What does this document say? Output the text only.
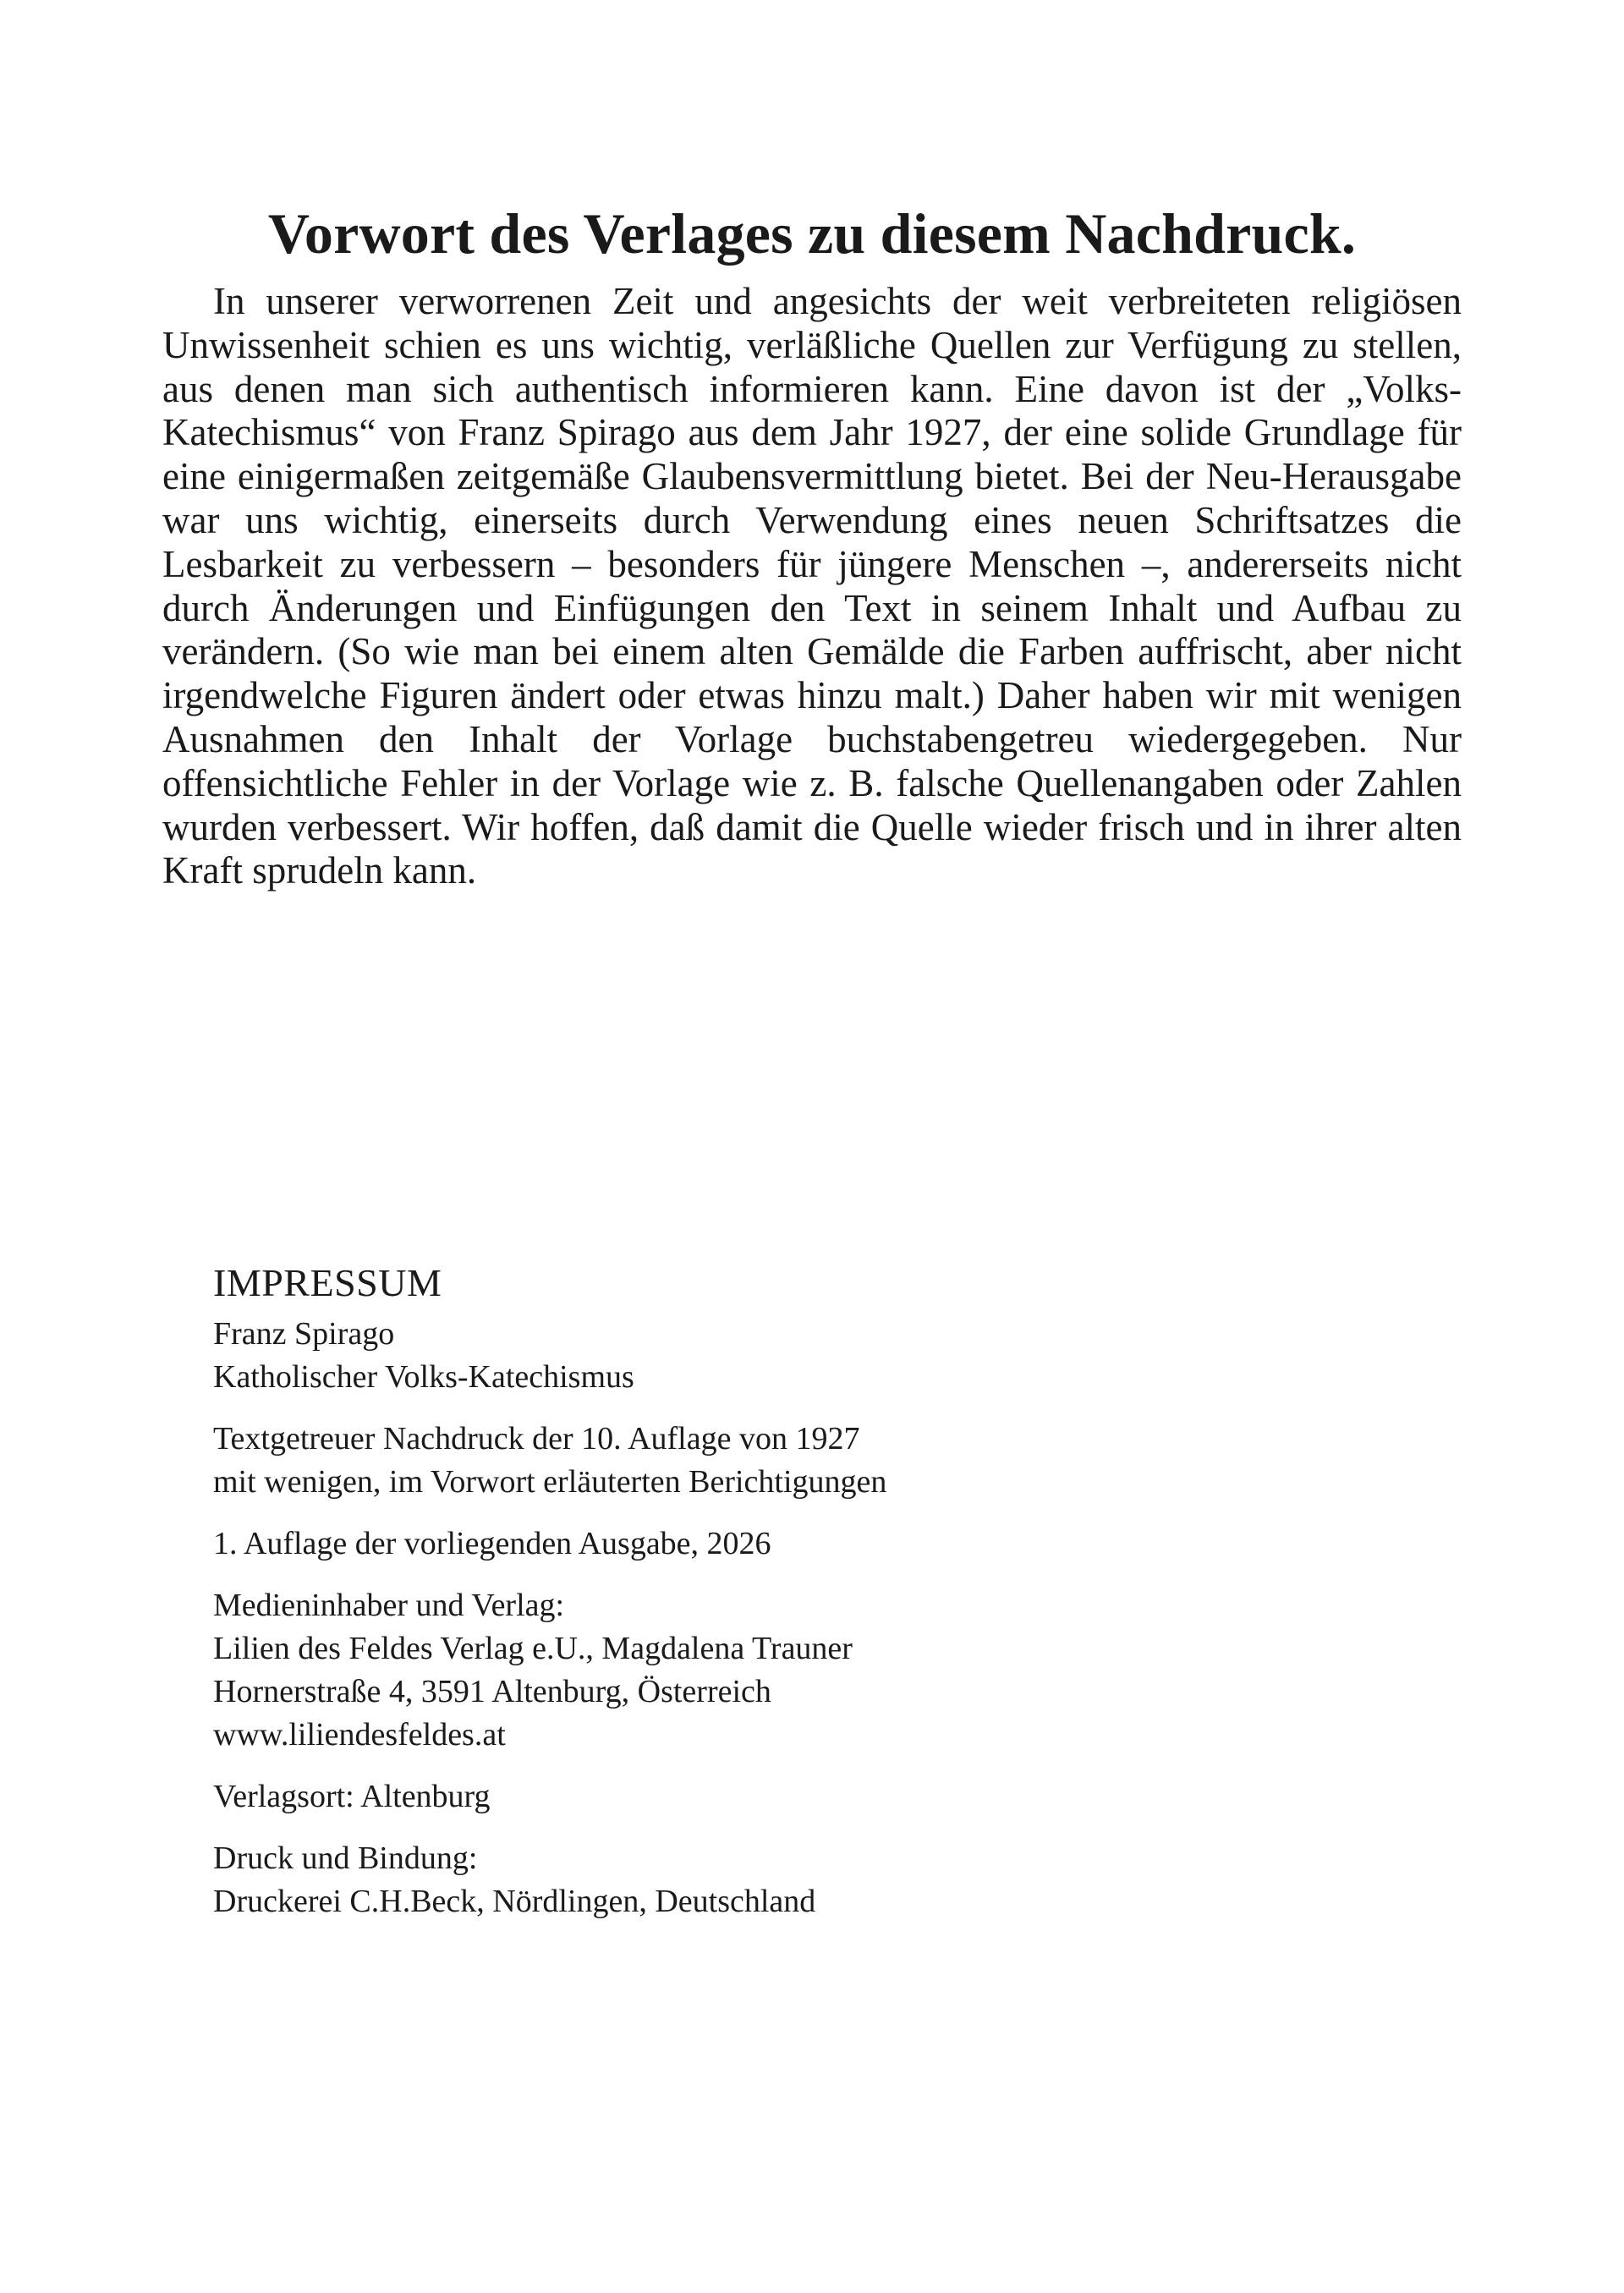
Vorwort des Verlages zu diesem Nachdruck.

In unserer verworrenen Zeit und angesichts der weit verbreiteten religiösen Unwissenheit schien es uns wichtig, verläßliche Quellen zur Verfügung zu stellen, aus denen man sich authentisch informieren kann. Eine davon ist der „Volks-Katechismus“ von Franz Spirago aus dem Jahr 1927, der eine solide Grundlage für eine einigermaßen zeitgemäße Glaubensvermittlung bietet. Bei der Neu-Herausgabe war uns wichtig, einerseits durch Verwendung eines neuen Schriftsatzes die Lesbarkeit zu verbessern – besonders für jüngere Menschen –, andererseits nicht durch Änderungen und Einfügungen den Text in seinem Inhalt und Aufbau zu verändern. (So wie man bei einem alten Gemälde die Farben auffrischt, aber nicht irgendwelche Figuren ändert oder etwas hinzu malt.) Daher haben wir mit wenigen Ausnahmen den Inhalt der Vorlage buchstabengetreu wiedergegeben. Nur offensichtliche Fehler in der Vorlage wie z. B. falsche Quellenangaben oder Zahlen wurden verbessert. Wir hoffen, daß damit die Quelle wieder frisch und in ihrer alten Kraft sprudeln kann.

IMPRESSUM

Franz Spirago
Katholischer Volks-Katechismus

Textgetreuer Nachdruck der 10. Auflage von 1927
mit wenigen, im Vorwort erläuterten Berichtigungen

1. Auflage der vorliegenden Ausgabe, 2026

Medieninhaber und Verlag:
Lilien des Feldes Verlag e.U., Magdalena Trauner
Hornerstraße 4, 3591 Altenburg, Österreich
www.liliendesfeldes.at

Verlagsort: Altenburg

Druck und Bindung:
Druckerei C.H.Beck, Nördlingen, Deutschland
